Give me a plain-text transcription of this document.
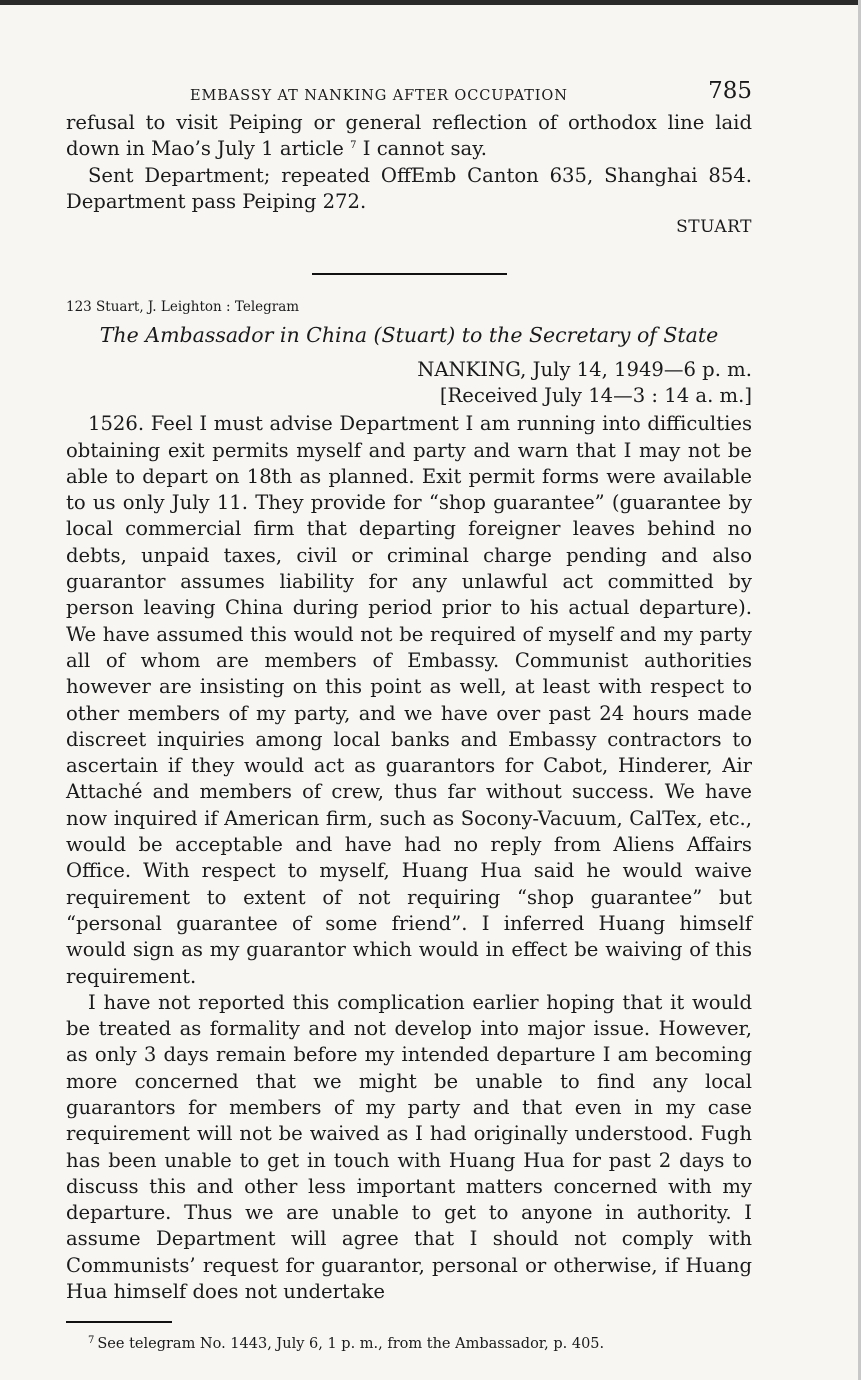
EMBASSY AT NANKING AFTER OCCUPATION	785

refusal to visit Peiping or general reflection of orthodox line laid down in Mao’s July 1 article $^7$ I cannot say.

Sent Department; repeated OffEmb Canton 635, Shanghai 854. Department pass Peiping 272.

STUART
123 Stuart, J. Leighton : Telegram
The Ambassador in China (Stuart) to the Secretary of State

NANKING, July 14, 1949—6 p. m.

[Received July 14—3 : 14 a. m.]

1526. Feel I must advise Department I am running into difficulties obtaining exit permits myself and party and warn that I may not be able to depart on 18th as planned. Exit permit forms were available to us only July 11. They provide for “shop guarantee” (guarantee by local commercial firm that departing foreigner leaves behind no debts, unpaid taxes, civil or criminal charge pending and also guarantor assumes liability for any unlawful act committed by person leaving China during period prior to his actual departure). We have assumed this would not be required of myself and my party all of whom are members of Embassy. Communist authorities however are insisting on this point as well, at least with respect to other members of my party, and we have over past 24 hours made discreet inquiries among local banks and Embassy contractors to ascertain if they would act as guarantors for Cabot, Hinderer, Air Attaché and members of crew, thus far without success. We have now inquired if American firm, such as Socony-Vacuum, CalTex, etc., would be acceptable and have had no reply from Aliens Affairs Office. With respect to myself, Huang Hua said he would waive requirement to extent of not requiring “shop guarantee” but “personal guarantee of some friend”. I inferred Huang himself would sign as my guarantor which would in effect be waiving of this requirement.

I have not reported this complication earlier hoping that it would be treated as formality and not develop into major issue. However, as only 3 days remain before my intended departure I am becoming more concerned that we might be unable to find any local guarantors for members of my party and that even in my case requirement will not be waived as I had originally understood. Fugh has been unable to get in touch with Huang Hua for past 2 days to discuss this and other less important matters concerned with my departure. Thus we are unable to get to anyone in authority. I assume Department will agree that I should not comply with Communists’ request for guarantor, personal or otherwise, if Huang Hua himself does not undertake

$^7$ See telegram No. 1443, July 6, 1 p. m., from the Ambassador, p. 405.
